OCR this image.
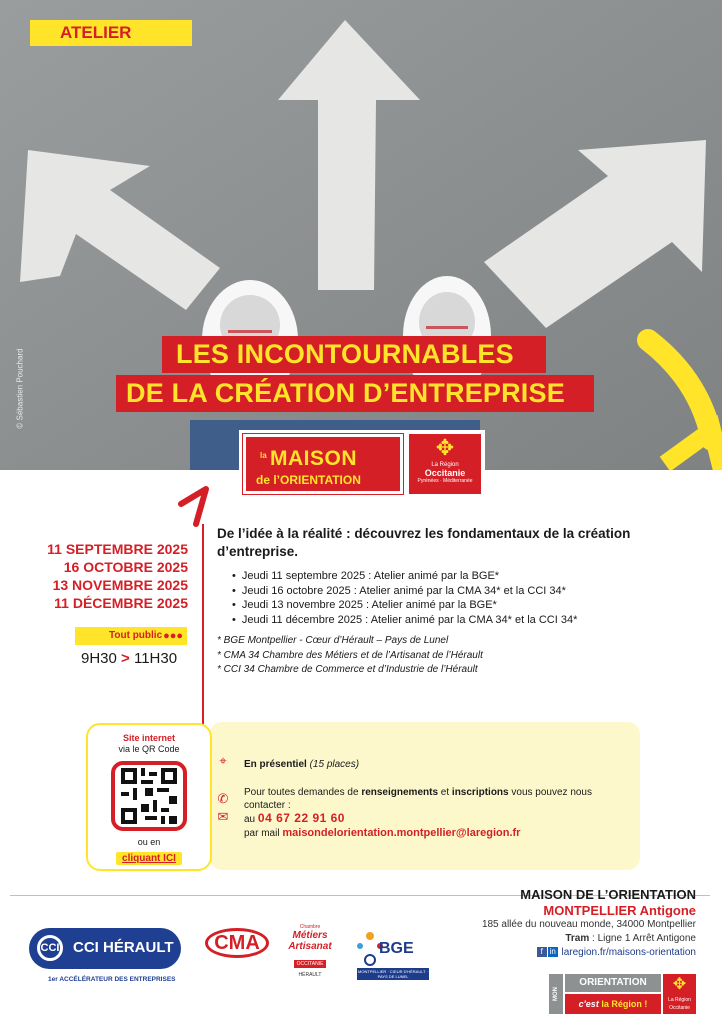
ATELIER
© Sébastien Pouchard	LES INCONTOURNABLES
DE LA CRÉATION D’ENTREPRISE
la MAISON
de l’ORIENTATION
✥
La Région
Occitanie
Pyrénées · Méditerranée
11 SEPTEMBRE 2025
16 OCTOBRE 2025
13 NOVEMBRE 2025
11 DÉCEMBRE 2025
Tout public ●●●
9H30 > 11H30
De l’idée à la réalité : découvrez les fondamentaux de la création d’entreprise.
• Jeudi 11 septembre 2025 : Atelier animé par la BGE*
• Jeudi 16 octobre 2025 : Atelier animé par la CMA 34* et la CCI 34*
• Jeudi 13 novembre 2025 : Atelier animé par la BGE*
• Jeudi 11 décembre 2025 : Atelier animé par la CMA 34* et la CCI 34*
* BGE Montpellier - Cœur d’Hérault – Pays de Lunel
* CMA 34 Chambre des Métiers et de l’Artisanat de l’Hérault
* CCI 34 Chambre de Commerce et d’Industrie de l’Hérault
Site internet
via le QR Code
ou en
cliquant ICI
⌖
✆
✉
En présentiel (15 places)
Pour toutes demandes de renseignements et inscriptions vous pouvez nous
contacter :
au 04 67 22 91 60
par mail maisondelorientation.montpellier@laregion.fr
MAISON DE L’ORIENTATION
MONTPELLIER Antigone
185 allée du nouveau monde, 34000 Montpellier
Tram : Ligne 1 Arrêt Antigone
f in laregion.fr/maisons-orientation
CCI CCI HÉRAULT
1er ACCÉLÉRATEUR DES ENTREPRISES
CMA
Chambre
Métiers Artisanat
OCCITANIE
HÉRAULT
BGE
MONTPELLIER · CŒUR D'HÉRAULT · PAYS DE LUNEL
MON
ORIENTATION
c'est la Région !
✥
La Région
Occitanie
